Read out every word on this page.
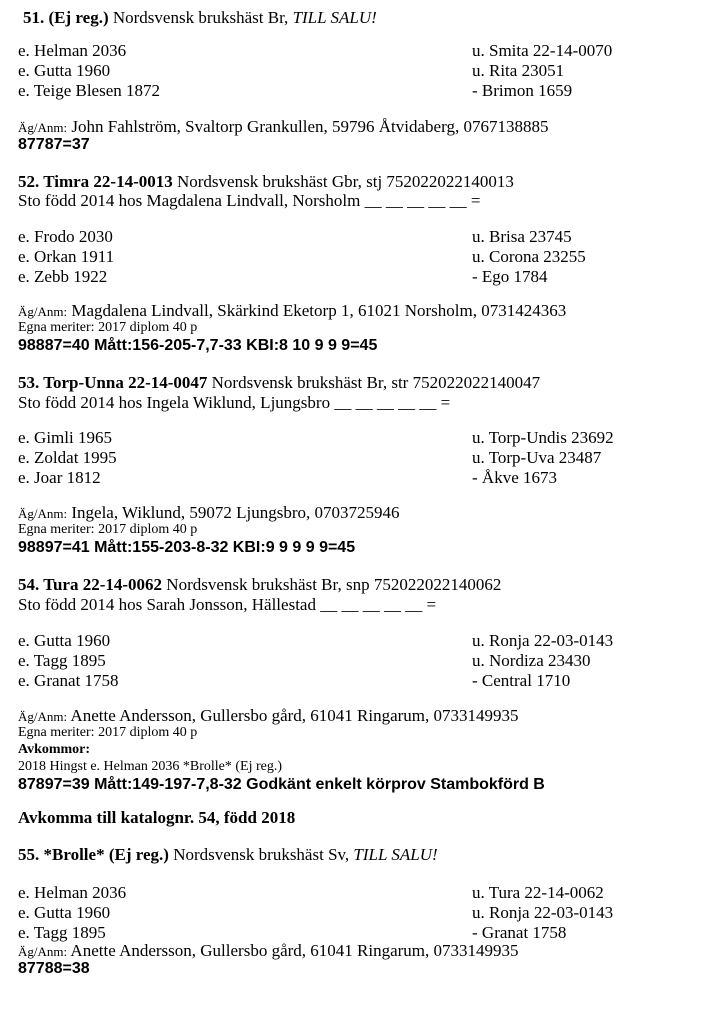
51. (Ej reg.) Nordsvensk brukshäst Br, TILL SALU!
e. Helman 2036
e. Gutta 1960
e. Teige Blesen 1872
u. Smita 22-14-0070
u. Rita 23051
- Brimon 1659
Äg/Anm: John Fahlström, Svaltorp Grankullen, 59796 Åtvidaberg, 0767138885
87787=37
52. Timra 22-14-0013 Nordsvensk brukshäst Gbr, stj 752022022140013
Sto född 2014 hos Magdalena Lindvall, Norsholm __ __ __ __ __ =
e. Frodo 2030
e. Orkan 1911
e. Zebb 1922
u. Brisa 23745
u. Corona 23255
- Ego 1784
Äg/Anm: Magdalena Lindvall, Skärkind Eketorp 1, 61021 Norsholm, 0731424363
Egna meriter: 2017 diplom 40 p
98887=40 Mått:156-205-7,7-33 KBI:8 10 9 9 9=45
53. Torp-Unna 22-14-0047 Nordsvensk brukshäst Br, str 752022022140047
Sto född 2014 hos Ingela Wiklund, Ljungsbro __ __ __ __ __ =
e. Gimli 1965
e. Zoldat 1995
e. Joar 1812
u. Torp-Undis 23692
u. Torp-Uva 23487
- Åkve 1673
Äg/Anm: Ingela, Wiklund, 59072 Ljungsbro, 0703725946
Egna meriter: 2017 diplom 40 p
98897=41 Mått:155-203-8-32 KBI:9 9 9 9 9=45
54. Tura 22-14-0062 Nordsvensk brukshäst Br, snp 752022022140062
Sto född 2014 hos Sarah Jonsson, Hällestad __ __ __ __ __ =
e. Gutta 1960
e. Tagg 1895
e. Granat 1758
u. Ronja 22-03-0143
u. Nordiza 23430
- Central 1710
Äg/Anm: Anette Andersson, Gullersbo gård, 61041 Ringarum, 0733149935
Egna meriter: 2017 diplom 40 p
Avkommor:
2018 Hingst e. Helman 2036 *Brolle* (Ej reg.)
87897=39 Mått:149-197-7,8-32 Godkänt enkelt körprov Stambokförd B
Avkomma till katalognr. 54, född 2018
55. *Brolle* (Ej reg.) Nordsvensk brukshäst Sv, TILL SALU!
e. Helman 2036
e. Gutta 1960
e. Tagg 1895
u. Tura 22-14-0062
u. Ronja 22-03-0143
- Granat 1758
Äg/Anm: Anette Andersson, Gullersbo gård, 61041 Ringarum, 0733149935
87788=38
